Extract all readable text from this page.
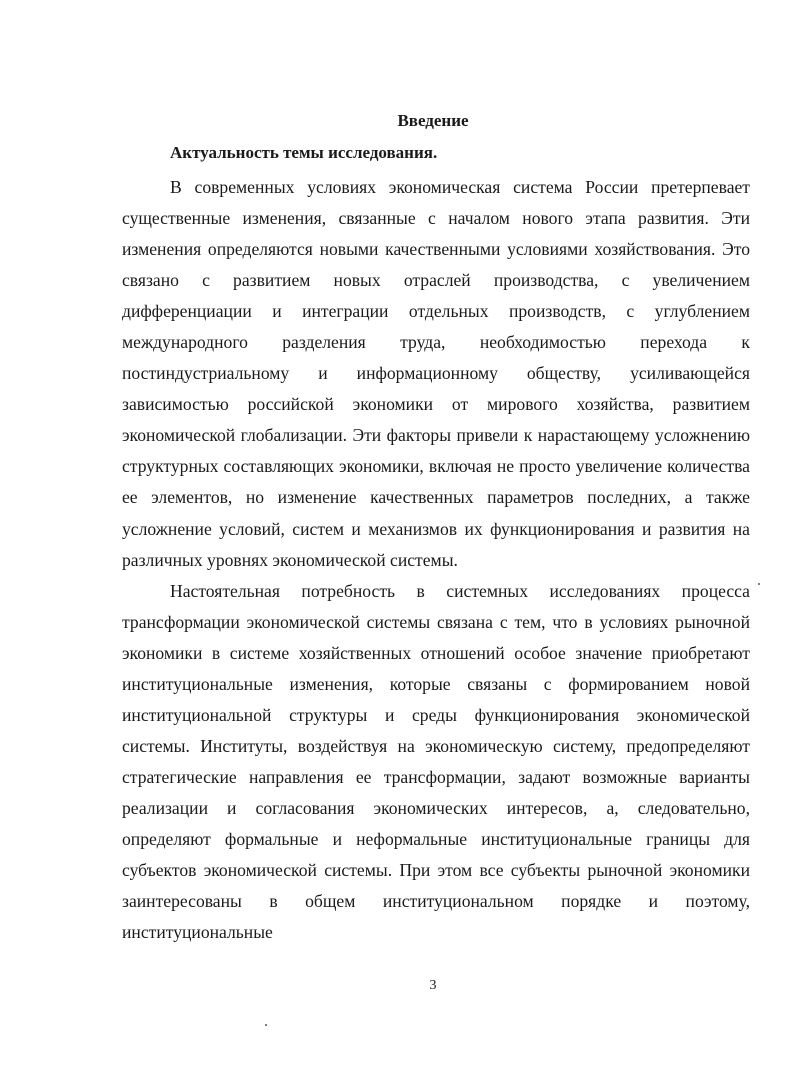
Введение
Актуальность темы исследования.

В современных условиях экономическая система России претерпевает существенные изменения, связанные с началом нового этапа развития. Эти изменения определяются новыми качественными условиями хозяйствования. Это связано с развитием новых отраслей производства, с увеличением дифференциации и интеграции отдельных производств, с углублением международного разделения труда, необходимостью перехода к постиндустриальному и информационному обществу, усиливающейся зависимостью российской экономики от мирового хозяйства, развитием экономической глобализации. Эти факторы привели к нарастающему усложнению структурных составляющих экономики, включая не просто увеличение количества ее элементов, но изменение качественных параметров последних, а также усложнение условий, систем и механизмов их функционирования и развития на различных уровнях экономической системы.

Настоятельная потребность в системных исследованиях процесса трансформации экономической системы связана с тем, что в условиях рыночной экономики в системе хозяйственных отношений особое значение приобретают институциональные изменения, которые связаны с формированием новой институциональной структуры и среды функционирования экономической системы. Институты, воздействуя на экономическую систему, предопределяют стратегические направления ее трансформации, задают возможные варианты реализации и согласования экономических интересов, а, следовательно, определяют формальные и неформальные институциональные границы для субъектов экономической системы. При этом все субъекты рыночной экономики заинтересованы в общем институциональном порядке и поэтому, институциональные

3
